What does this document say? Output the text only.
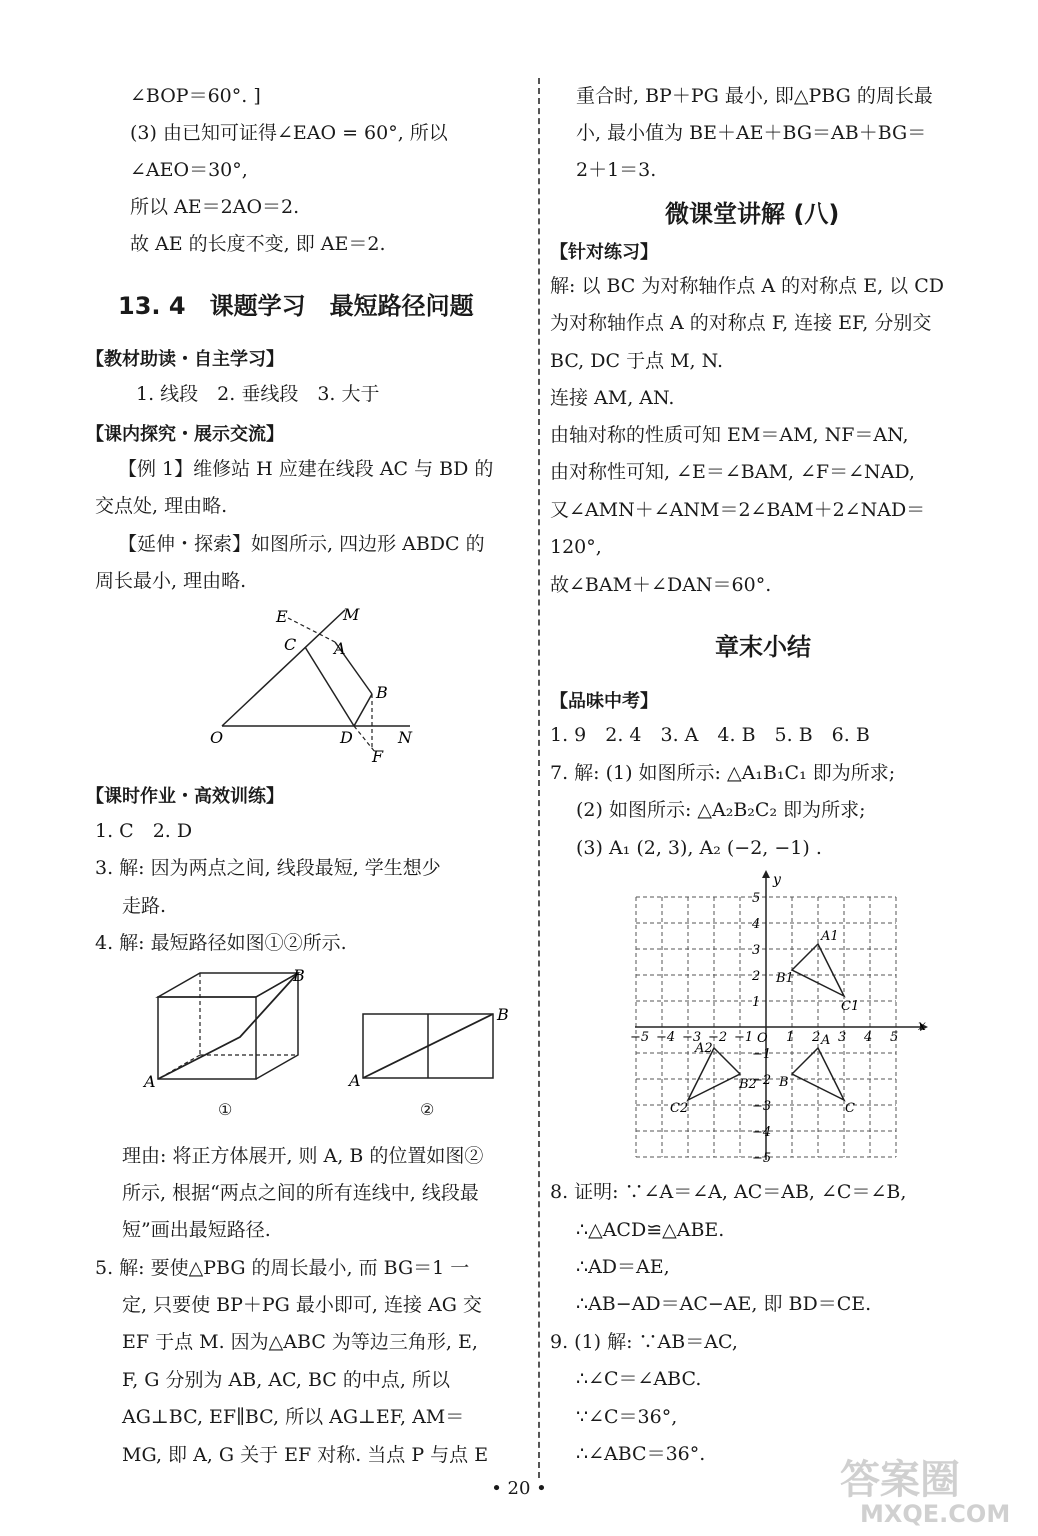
∠BOP＝60°. ]
(3) 由已知可证得∠EAO = 60°, 所以
∠AEO＝30°,
所以 AE＝2AO＝2.
故 AE 的长度不变, 即 AE＝2.
13. 4　课题学习　最短路径问题
【教材助读・自主学习】
1. 线段　2. 垂线段　3. 大于
【课内探究・展示交流】
【例 1】维修站 H 应建在线段 AC 与 BD 的
交点处, 理由略.
【延伸・探索】如图所示, 四边形 ABDC 的
周长最小, 理由略.
E	M
C A
B
O	D	N
F
【课时作业・高效训练】
1. C　2. D
3. 解: 因为两点之间, 线段最短, 学生想少
走路.
4. 解: 最短路径如图①②所示.
A
B
①
A
B
②
理由: 将正方体展开, 则 A, B 的位置如图②
所示, 根据“两点之间的所有连线中, 线段最
短”画出最短路径.
5. 解: 要使△PBG 的周长最小, 而 BG＝1 一
定, 只要使 BP＋PG 最小即可, 连接 AG 交
EF 于点 M. 因为△ABC 为等边三角形, E,
F, G 分别为 AB, AC, BC 的中点, 所以
AG⊥BC, EF∥BC, 所以 AG⊥EF, AM＝
MG, 即 A, G 关于 EF 对称. 当点 P 与点 E
重合时, BP＋PG 最小, 即△PBG 的周长最
小, 最小值为 BE＋AE＋BG＝AB＋BG＝
2＋1＝3.
微课堂讲解 (八)
【针对练习】
解: 以 BC 为对称轴作点 A 的对称点 E, 以 CD
为对称轴作点 A 的对称点 F, 连接 EF, 分别交
BC, DC 于点 M, N.
连接 AM, AN.
由轴对称的性质可知 EM＝AM, NF＝AN,
由对称性可知, ∠E＝∠BAM, ∠F＝∠NAD,
又∠AMN＋∠ANM＝2∠BAM＋2∠NAD＝
120°,
故∠BAM＋∠DAN＝60°.
章末小结
【品味中考】
1. 9　2. 4　3. A　4. B　5. B　6. B
7. 解: (1) 如图所示: △A₁B₁C₁ 即为所求;
(2) 如图所示: △A₂B₂C₂ 即为所求;
(3) A₁ (2, 3), A₂ (−2, −1) .
x
y
O
−5 −4 −3 −2 −1	1 2 3 4 5
5
4
3
2
1
−1
−2
−3
−4
−5
A1
B1
C1
A
B
C
A2
B2
C2
8. 证明: ∵∠A＝∠A, AC＝AB, ∠C＝∠B,
∴△ACD≌△ABE.
∴AD＝AE,
∴AB−AD＝AC−AE, 即 BD＝CE.
9. (1) 解: ∵AB＝AC,
∴∠C＝∠ABC.
∵∠C＝36°,
∴∠ABC＝36°.
• 20 •	答案圈
MXQE.COM
